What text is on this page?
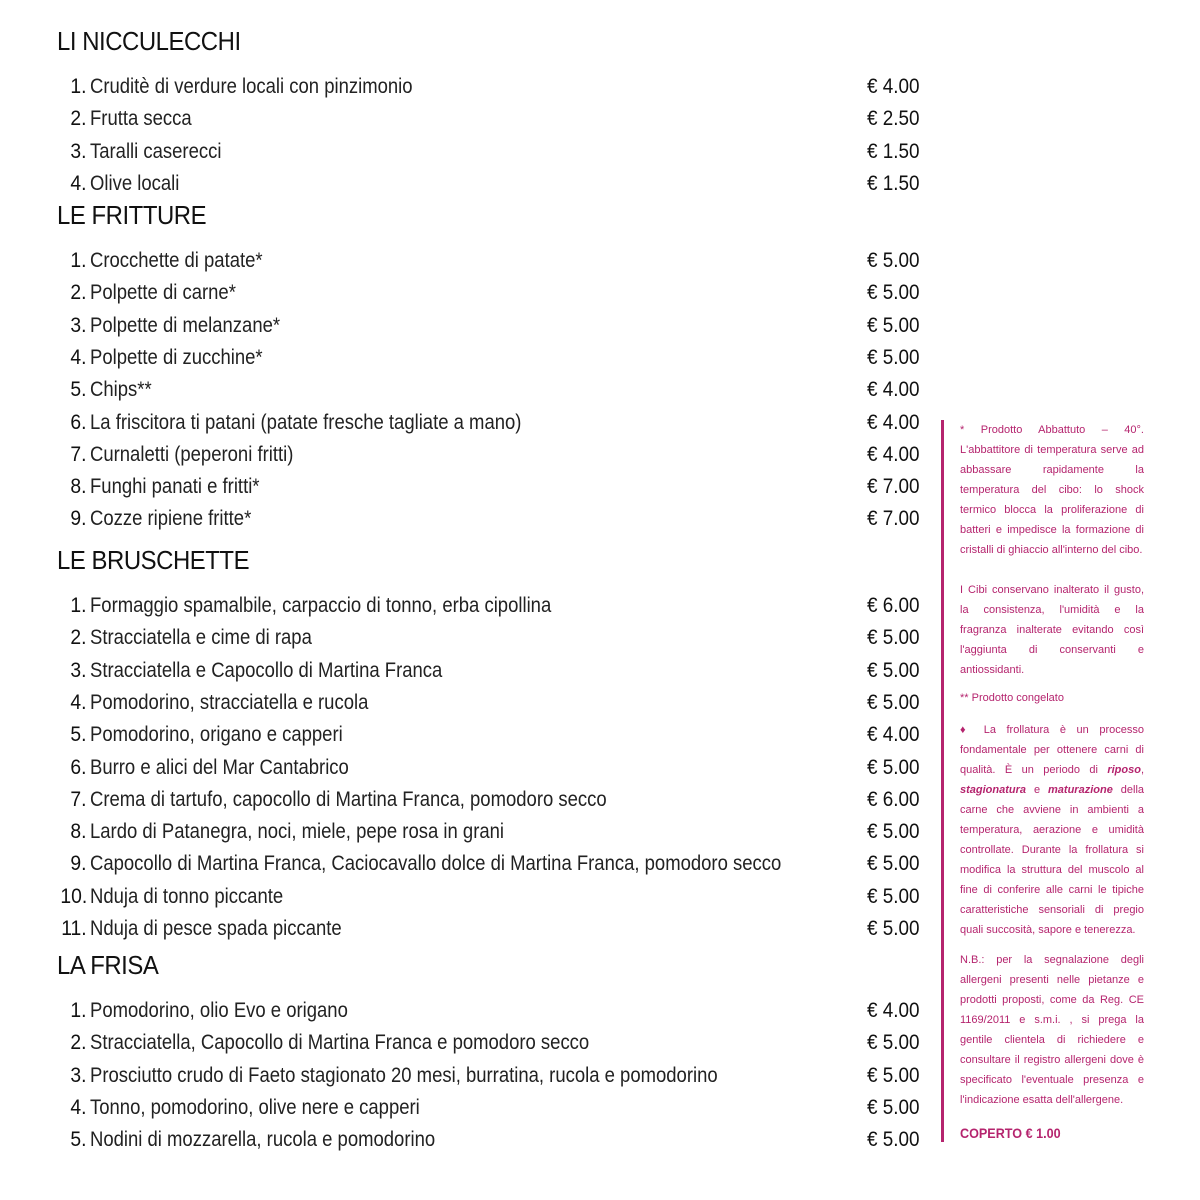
LI NICCULECCHI
1. Cruditè di verdure locali con pinzimonio	€ 4.00
2. Frutta secca	€ 2.50
3. Taralli caserecci	€ 1.50
4. Olive locali	€ 1.50
LE FRITTURE
1. Crocchette di patate*	€ 5.00
2. Polpette di carne*	€ 5.00
3. Polpette di melanzane*	€ 5.00
4. Polpette di zucchine*	€ 5.00
5. Chips**	€ 4.00
6. La friscitora ti patani (patate fresche tagliate a mano)	€ 4.00
7. Curnaletti (peperoni fritti)	€ 4.00
8. Funghi panati e fritti*	€ 7.00
9. Cozze ripiene fritte*	€ 7.00
LE BRUSCHETTE
1. Formaggio spamalbile, carpaccio di tonno, erba cipollina	€ 6.00
2. Stracciatella e cime di rapa	€ 5.00
3. Stracciatella e Capocollo di Martina Franca	€ 5.00
4. Pomodorino, stracciatella e rucola	€ 5.00
5. Pomodorino, origano e capperi	€ 4.00
6. Burro e alici del Mar Cantabrico	€ 5.00
7. Crema di tartufo, capocollo di Martina Franca, pomodoro secco	€ 6.00
8. Lardo di Patanegra, noci, miele, pepe rosa in grani	€ 5.00
9. Capocollo di Martina Franca, Caciocavallo dolce di Martina Franca, pomodoro secco	€ 5.00
10. Nduja di tonno piccante	€ 5.00
11. Nduja di pesce spada piccante	€ 5.00
LA FRISA
1. Pomodorino, olio Evo e origano	€ 4.00
2. Stracciatella, Capocollo di Martina Franca e pomodoro secco	€ 5.00
3. Prosciutto crudo di Faeto stagionato 20 mesi, burratina, rucola e pomodorino	€ 5.00
4. Tonno, pomodorino, olive nere e capperi	€ 5.00
5. Nodini di mozzarella, rucola e pomodorino	€ 5.00
* Prodotto Abbattuto – 40°. L'abbattitore di temperatura serve ad abbassare rapidamente la temperatura del cibo: lo shock termico blocca la proliferazione di batteri e impedisce la formazione di cristalli di ghiaccio all'interno del cibo.
I Cibi conservano inalterato il gusto, la consistenza, l'umidità e la fragranza inalterate evitando così l'aggiunta di conservanti e antiossidanti.
** Prodotto congelato
♦ La frollatura è un processo fondamentale per ottenere carni di qualità. È un periodo di riposo, stagionatura e maturazione della carne che avviene in ambienti a temperatura, aerazione e umidità controllate. Durante la frollatura si modifica la struttura del muscolo al fine di conferire alle carni le tipiche caratteristiche sensoriali di pregio quali succosità, sapore e tenerezza.
N.B.: per la segnalazione degli allergeni presenti nelle pietanze e prodotti proposti, come da Reg. CE 1169/2011 e s.m.i. , si prega la gentile clientela di richiedere e consultare il registro allergeni dove è specificato l'eventuale presenza e l'indicazione esatta dell'allergene.
COPERTO € 1.00
